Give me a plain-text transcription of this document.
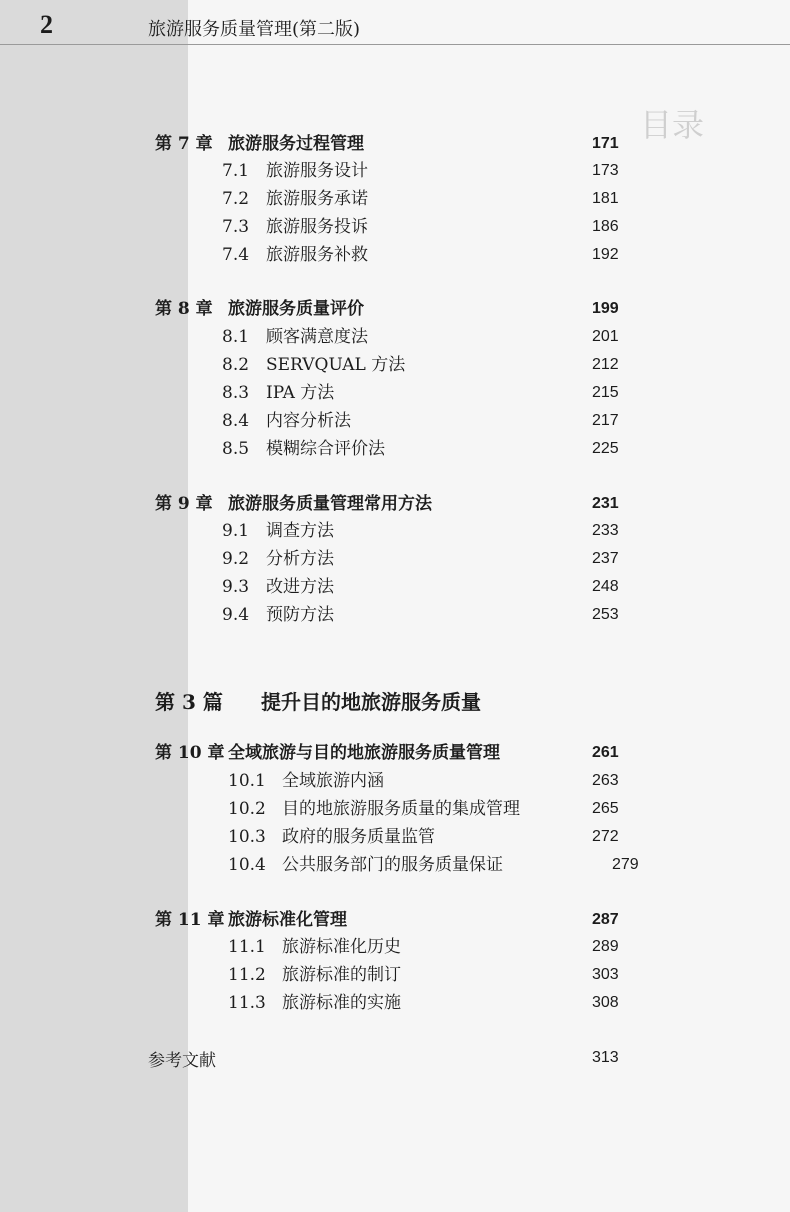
目录
2	旅游服务质量管理(第二版)
第 7 章 旅游服务过程管理	171
7.1 旅游服务设计	173
7.2 旅游服务承诺	181
7.3 旅游服务投诉	186
7.4 旅游服务补救	192
第 8 章 旅游服务质量评价	199
8.1 顾客满意度法	201
8.2 SERVQUAL 方法	212
8.3 IPA 方法	215
8.4 内容分析法	217
8.5 模糊综合评价法	225
第 9 章 旅游服务质量管理常用方法	231
9.1 调查方法	233
9.2 分析方法	237
9.3 改进方法	248
9.4 预防方法	253
第 3 篇 提升目的地旅游服务质量
第 10 章 全域旅游与目的地旅游服务质量管理	261
10.1 全域旅游内涵	263
10.2 目的地旅游服务质量的集成管理	265
10.3 政府的服务质量监管	272
10.4 公共服务部门的服务质量保证	279
第 11 章 旅游标准化管理	287
11.1 旅游标准化历史	289
11.2 旅游标准的制订	303
11.3 旅游标准的实施	308
参考文献	313
